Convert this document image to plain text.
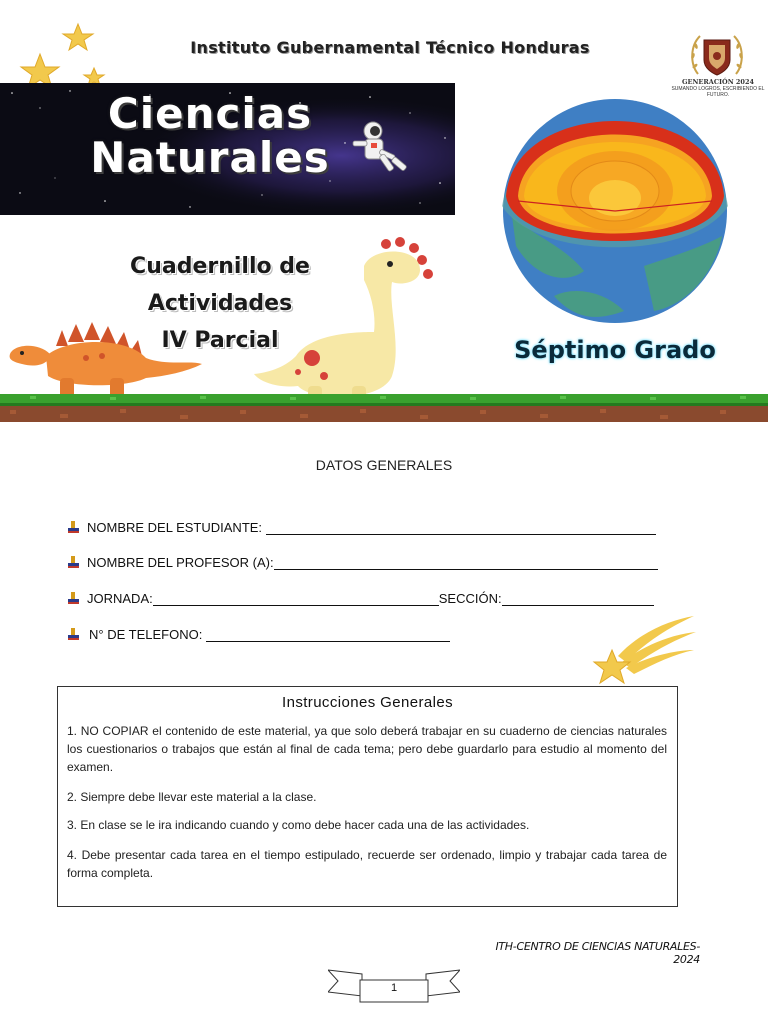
Instituto Gubernamental Técnico Honduras
GENERACIÓN 2024
SUMANDO LOGROS, ESCRIBIENDO EL FUTURO.
Ciencias
Naturales
Cuadernillo de
Actividades
IV Parcial	Séptimo Grado
DATOS GENERALES
NOMBRE DEL ESTUDIANTE:
NOMBRE DEL PROFESOR (A):
JORNADA:	SECCIÓN:
N° DE TELEFONO:
Instrucciones Generales
1. NO COPIAR el contenido de este material, ya que solo deberá trabajar en su cuaderno de ciencias naturales los cuestionarios o trabajos que están al final de cada tema; pero debe guardarlo para estudio al momento del examen.
2. Siempre debe llevar este material a la clase.
3. En clase se le ira indicando cuando y como debe hacer cada una de las actividades.
4. Debe presentar cada tarea en el tiempo estipulado, recuerde ser ordenado, limpio y trabajar cada tarea de forma completa.
ITH-CENTRO DE CIENCIAS NATURALES-2024
1
